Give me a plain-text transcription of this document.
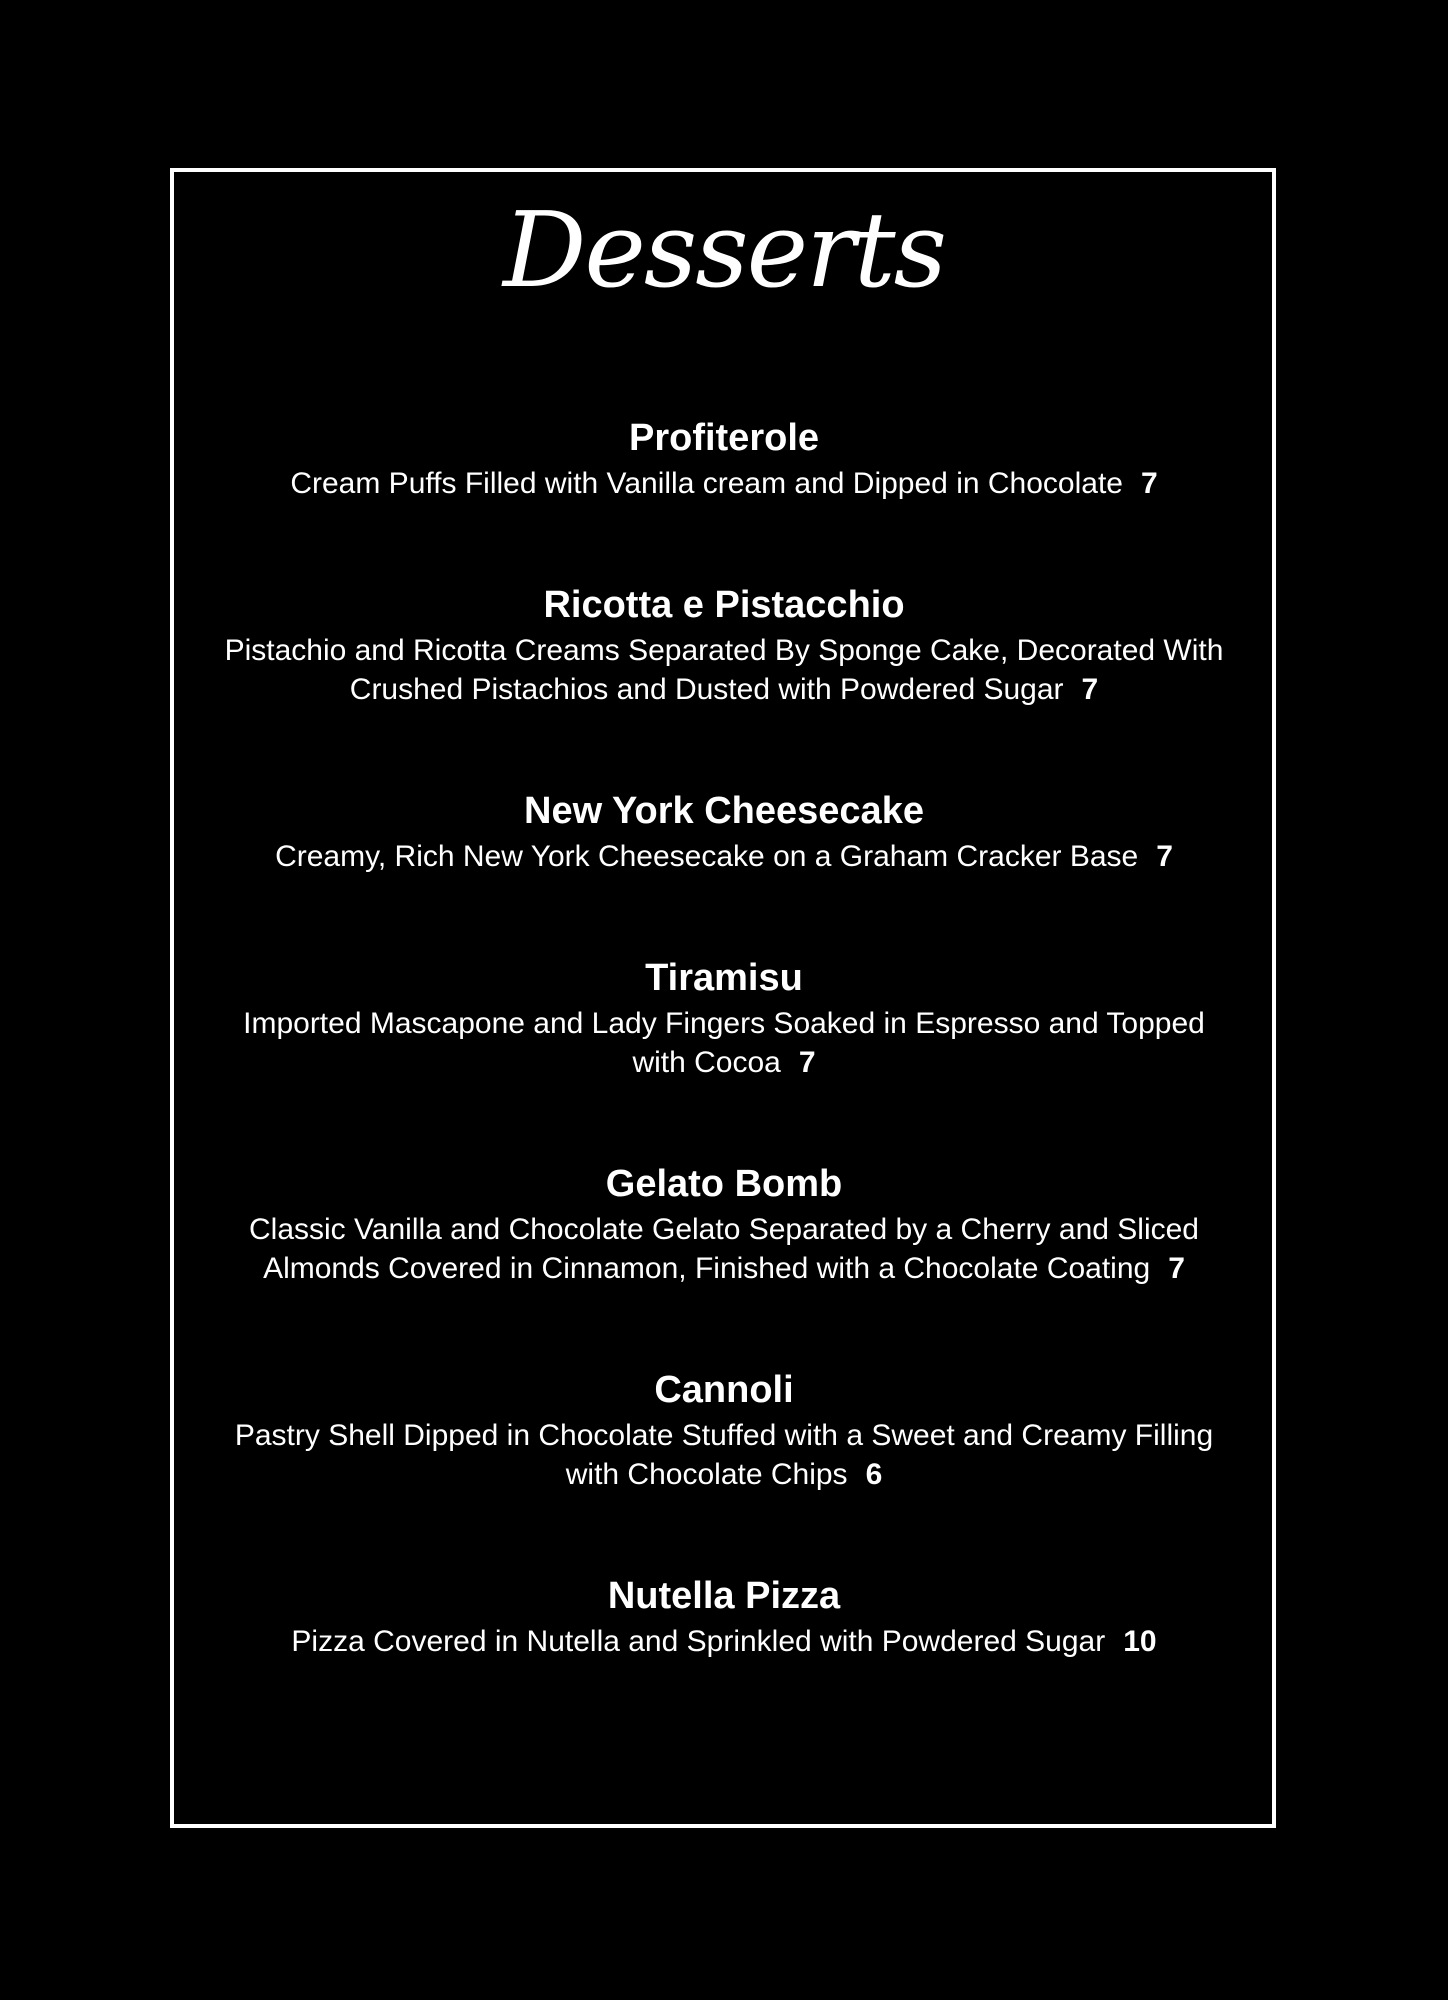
Desserts
Profiterole
Cream Puffs Filled with Vanilla cream and Dipped in Chocolate 7
Ricotta e Pistacchio
Pistachio and Ricotta Creams Separated By Sponge Cake, Decorated With
Crushed Pistachios and Dusted with Powdered Sugar 7
New York Cheesecake
Creamy, Rich New York Cheesecake on a Graham Cracker Base 7
Tiramisu
Imported Mascapone and Lady Fingers Soaked in Espresso and Topped
with Cocoa 7
Gelato Bomb
Classic Vanilla and Chocolate Gelato Separated by a Cherry and Sliced
Almonds Covered in Cinnamon, Finished with a Chocolate Coating 7
Cannoli
Pastry Shell Dipped in Chocolate Stuffed with a Sweet and Creamy Filling
with Chocolate Chips 6
Nutella Pizza
Pizza Covered in Nutella and Sprinkled with Powdered Sugar 10
